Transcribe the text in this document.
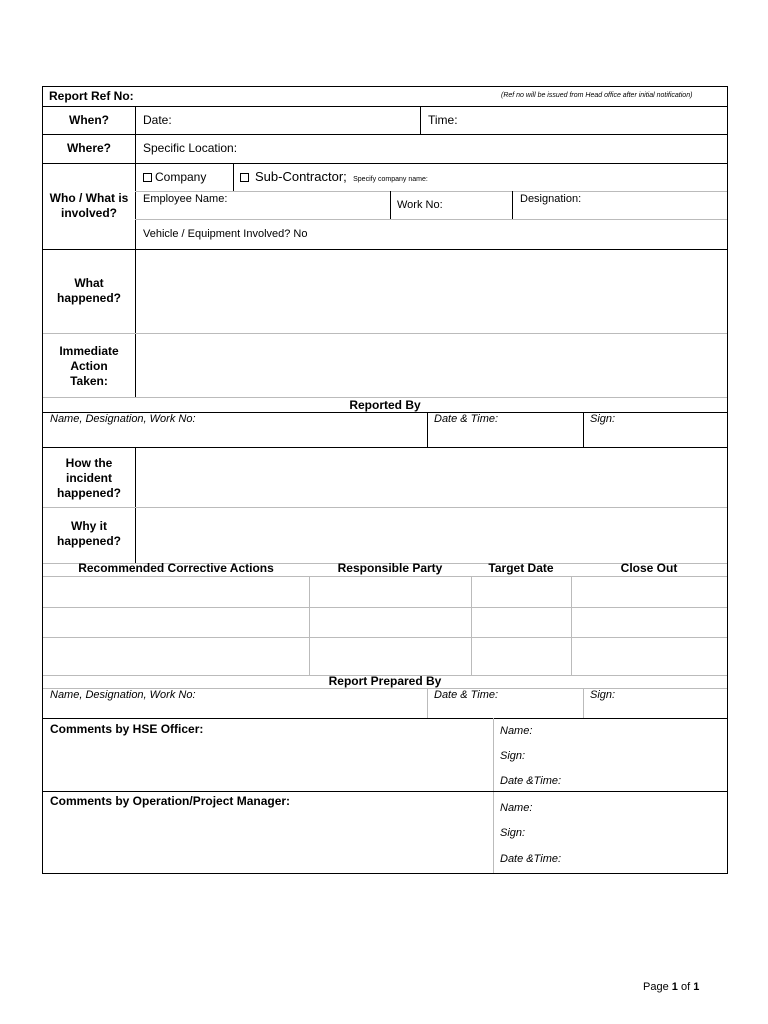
Report Ref No:	(Ref no will be issued from Head office after initial notification)
When?	Date:	Time:
Where?	Specific Location:
Who / What is involved?
Company	Sub-Contractor; Specify company name:
Employee Name:	Work No:	Designation:
Vehicle / Equipment Involved? No
What happened?
Immediate Action Taken:
Reported By
Name, Designation, Work No:	Date & Time:	Sign:
How the incident happened?
Why it happened?
Recommended Corrective Actions	Responsible Party	Target Date	Close Out
Report Prepared By
Name, Designation, Work No:	Date & Time:	Sign:
Comments by HSE Officer:	Name:
Sign:
Date &Time:
Comments by Operation/Project Manager:	Name:
Sign:
Date &Time:
Page 1 of 1
